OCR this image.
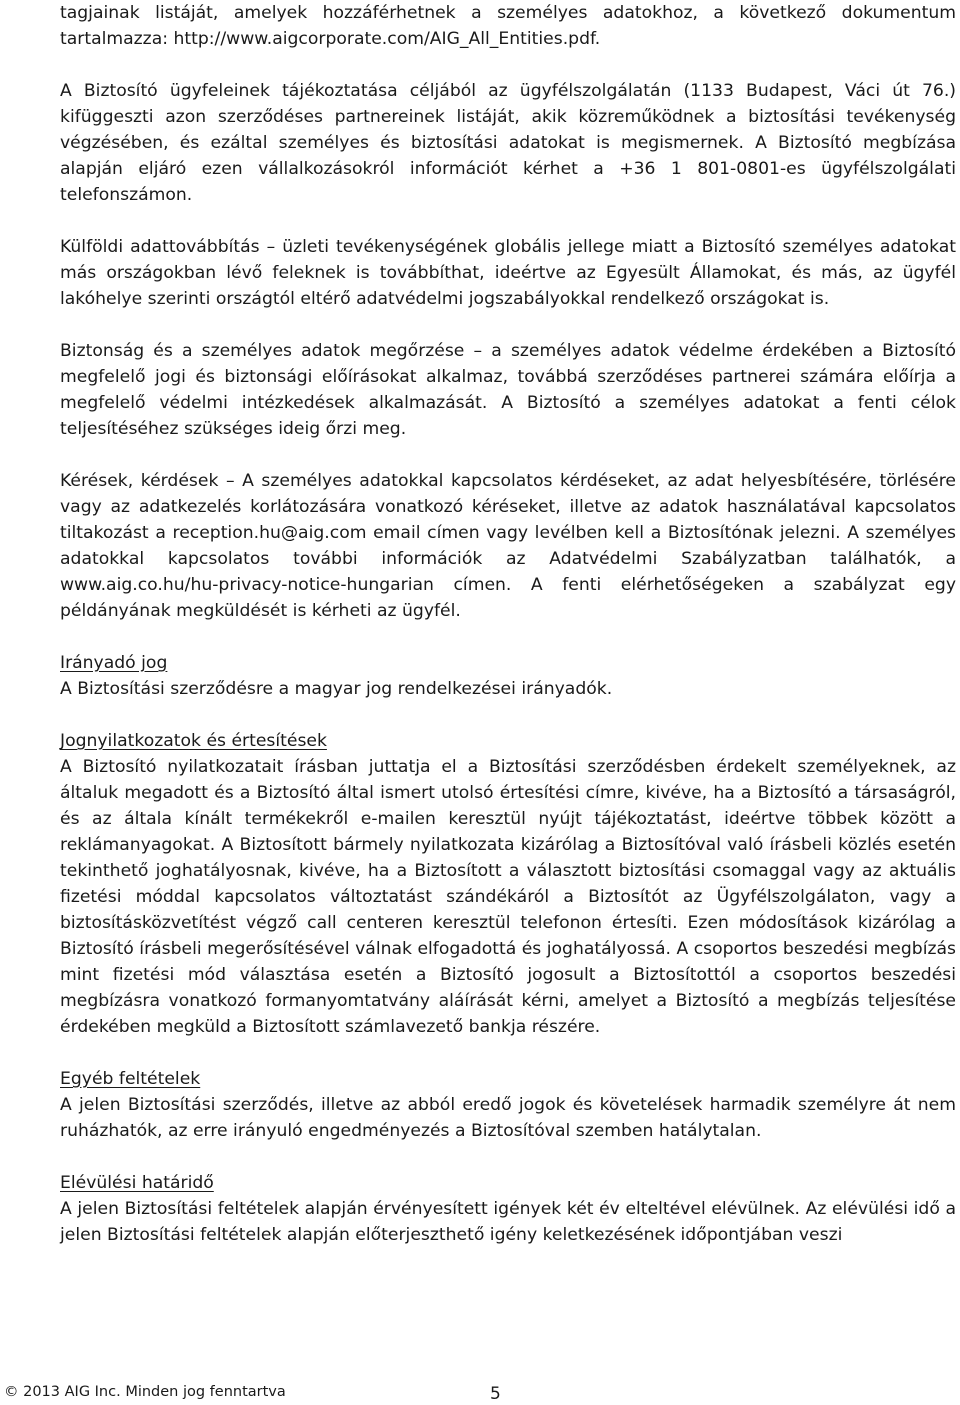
tagjainak listáját, amelyek hozzáférhetnek a személyes adatokhoz, a következő dokumentum tartalmazza: http://www.aigcorporate.com/AIG_All_Entities.pdf.

A Biztosító ügyfeleinek tájékoztatása céljából az ügyfélszolgálatán (1133 Budapest, Váci út 76.) kifüggeszti azon szerződéses partnereinek listáját, akik közreműködnek a biztosítási tevékenység végzésében, és ezáltal személyes és biztosítási adatokat is megismernek. A Biztosító megbízása alapján eljáró ezen vállalkozásokról információt kérhet a +36 1 801-0801-es ügyfélszolgálati telefonszámon.

Külföldi adattovábbítás – üzleti tevékenységének globális jellege miatt a Biztosító személyes adatokat más országokban lévő feleknek is továbbíthat, ideértve az Egyesült Államokat, és más, az ügyfél lakóhelye szerinti országtól eltérő adatvédelmi jogszabályokkal rendelkező országokat is.

Biztonság és a személyes adatok megőrzése – a személyes adatok védelme érdekében a Biztosító megfelelő jogi és biztonsági előírásokat alkalmaz, továbbá szerződéses partnerei számára előírja a megfelelő védelmi intézkedések alkalmazását. A Biztosító a személyes adatokat a fenti célok teljesítéséhez szükséges ideig őrzi meg.

Kérések, kérdések – A személyes adatokkal kapcsolatos kérdéseket, az adat helyesbítésére, törlésére vagy az adatkezelés korlátozására vonatkozó kéréseket, illetve az adatok használatával kapcsolatos tiltakozást a reception.hu@aig.com email címen vagy levélben kell a Biztosítónak jelezni. A személyes adatokkal kapcsolatos további információk az Adatvédelmi Szabályzatban találhatók, a www.aig.co.hu/hu-privacy-notice-hungarian címen. A fenti elérhetőségeken a szabályzat egy példányának megküldését is kérheti az ügyfél.

Irányadó jog

A Biztosítási szerződésre a magyar jog rendelkezései irányadók.

Jognyilatkozatok és értesítések

A Biztosító nyilatkozatait írásban juttatja el a Biztosítási szerződésben érdekelt személyeknek, az általuk megadott és a Biztosító által ismert utolsó értesítési címre, kivéve, ha a Biztosító a társaságról, és az általa kínált termékekről e-mailen keresztül nyújt tájékoztatást, ideértve többek között a reklámanyagokat. A Biztosított bármely nyilatkozata kizárólag a Biztosítóval való írásbeli közlés esetén tekinthető joghatályosnak, kivéve, ha a Biztosított a választott biztosítási csomaggal vagy az aktuális fizetési móddal kapcsolatos változtatást szándékáról a Biztosítót az Ügyfélszolgálaton, vagy a biztosításközvetítést végző call centeren keresztül telefonon értesíti. Ezen módosítások kizárólag a Biztosító írásbeli megerősítésével válnak elfogadottá és joghatályossá. A csoportos beszedési megbízás mint fizetési mód választása esetén a Biztosító jogosult a Biztosítottól a csoportos beszedési megbízásra vonatkozó formanyomtatvány aláírását kérni, amelyet a Biztosító a megbízás teljesítése érdekében megküld a Biztosított számlavezető bankja részére.

Egyéb feltételek

A jelen Biztosítási szerződés, illetve az abból eredő jogok és követelések harmadik személyre át nem ruházhatók, az erre irányuló engedményezés a Biztosítóval szemben hatálytalan.

Elévülési határidő

A jelen Biztosítási feltételek alapján érvényesített igények két év elteltével elévülnek. Az elévülési idő a jelen Biztosítási feltételek alapján előterjeszthető igény keletkezésének időpontjában veszi

© 2013 AIG Inc. Minden jog fenntartva	5
